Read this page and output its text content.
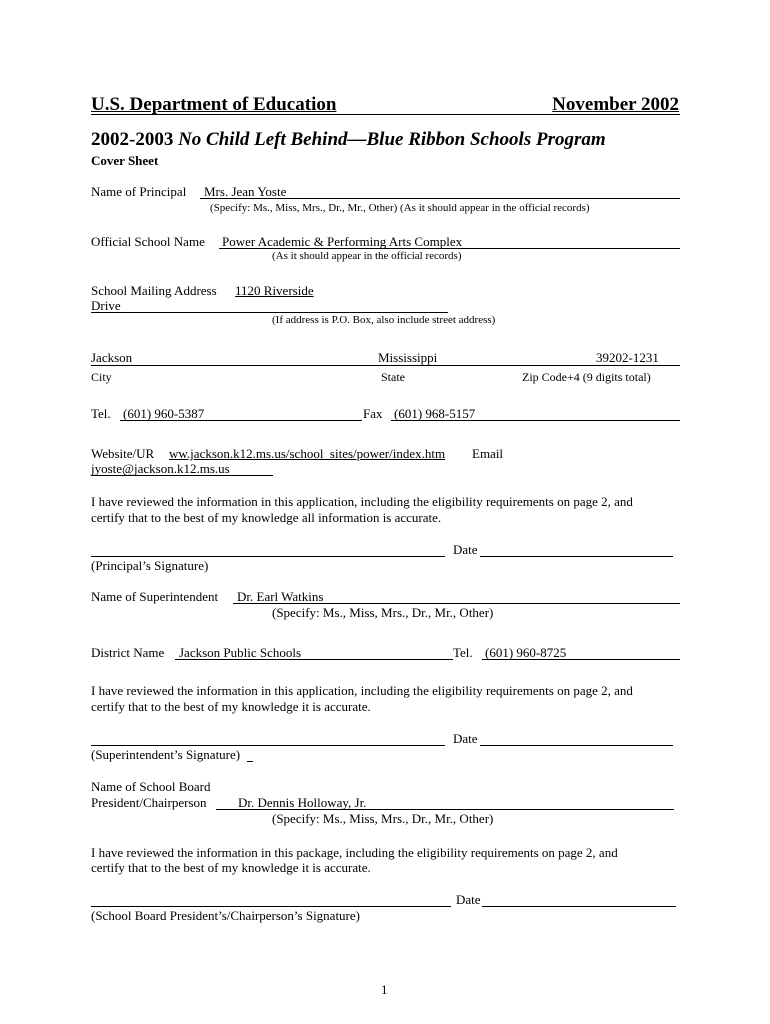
U.S. Department of Education	November 2002
2002-2003 No Child Left Behind—Blue Ribbon Schools Program
Cover Sheet
Name of Principal Mrs. Jean Yoste
(Specify: Ms., Miss, Mrs., Dr., Mr., Other) (As it should appear in the official records)
Official School Name Power Academic & Performing Arts Complex
(As it should appear in the official records)
School Mailing Address 1120 Riverside
Drive
(If address is P.O. Box, also include street address)
Jackson	Mississippi	39202-1231
City	State	Zip Code+4 (9 digits total)
Tel. (601) 960-5387	Fax (601) 968-5157
Website/UR ww.jackson.k12.ms.us/school_sites/power/index.htm Email
jyoste@jackson.k12.ms.us
I have reviewed the information in this application, including the eligibility requirements on page 2, and
certify that to the best of my knowledge all information is accurate.
Date
(Principal’s Signature)
Name of Superintendent Dr. Earl Watkins
(Specify: Ms., Miss, Mrs., Dr., Mr., Other)
District Name Jackson Public Schools	Tel. (601) 960-8725
I have reviewed the information in this application, including the eligibility requirements on page 2, and
certify that to the best of my knowledge it is accurate.
Date
(Superintendent’s Signature)
Name of School Board
President/Chairperson Dr. Dennis Holloway, Jr.
(Specify: Ms., Miss, Mrs., Dr., Mr., Other)
I have reviewed the information in this package, including the eligibility requirements on page 2, and
certify that to the best of my knowledge it is accurate.
Date
(School Board President’s/Chairperson’s Signature)
1
